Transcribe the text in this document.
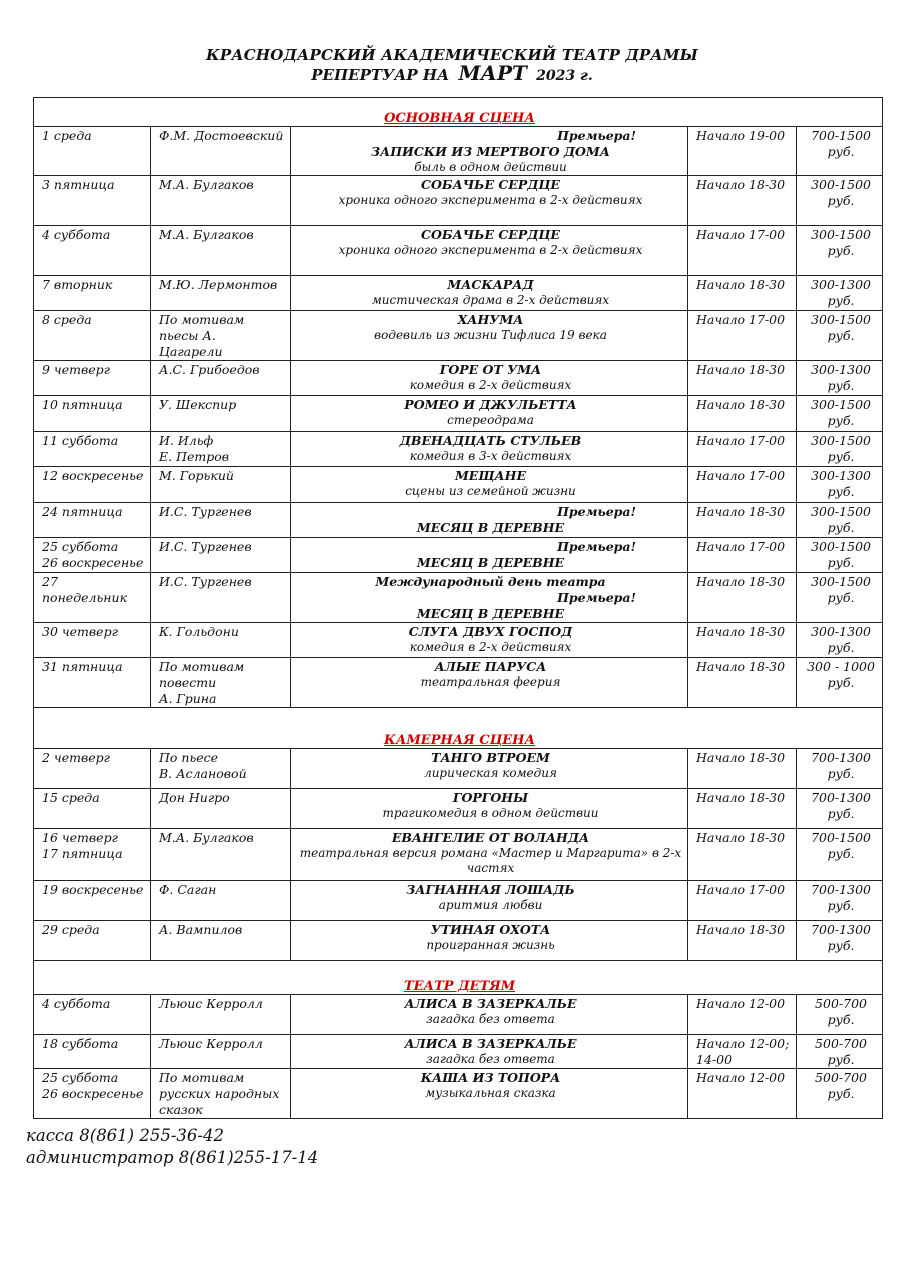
КРАСНОДАРСКИЙ АКАДЕМИЧЕСКИЙ ТЕАТР ДРАМЫ
РЕПЕРТУАР НА МАРТ 2023 г.
ОСНОВНАЯ СЦЕНА				

1 среда	Ф.М. Достоевский	Премьера!
ЗАПИСКИ ИЗ МЕРТВОГО ДОМА
быль в одном действии	Начало 19-00	700-1500 руб.

3 пятница	М.А. Булгаков	СОБАЧЬЕ СЕРДЦЕ
хроника одного эксперимента в 2-х действиях	Начало 18-30	300-1500 руб.

4 суббота	М.А. Булгаков	СОБАЧЬЕ СЕРДЦЕ
хроника одного эксперимента в 2-х действиях	Начало 17-00	300-1500 руб.

7 вторник	М.Ю. Лермонтов	МАСКАРАД
мистическая драма в 2-х действиях	Начало 18-30	300-1300 руб.

8 среда	По мотивам
пьесы А.
Цагарели	ХАНУМА
водевиль из жизни Тифлиса 19 века	Начало 17-00	300-1500 руб.

9 четверг	А.С. Грибоедов	ГОРЕ ОТ УМА
комедия в 2-х действиях	Начало 18-30	300-1300 руб.

10 пятница	У. Шекспир	РОМЕО И ДЖУЛЬЕТТА
стереодрама	Начало 18-30	300-1500 руб.

11 суббота	И. Ильф
Е. Петров	ДВЕНАДЦАТЬ СТУЛЬЕВ
комедия в 3-х действиях	Начало 17-00	300-1500 руб.

12 воскресенье	М. Горький	МЕЩАНЕ
сцены из семейной жизни	Начало 17-00	300-1300 руб.

24 пятница	И.С. Тургенев	Премьера!
МЕСЯЦ В ДЕРЕВНЕ	Начало 18-30	300-1500 руб.

25 суббота
26 воскресенье	И.С. Тургенев	Премьера!
МЕСЯЦ В ДЕРЕВНЕ	Начало 17-00	300-1500 руб.

27
понедельник	И.С. Тургенев	Международный день театра
Премьера!
МЕСЯЦ В ДЕРЕВНЕ	Начало 18-30	300-1500 руб.

30 четверг	К. Гольдони	СЛУГА ДВУХ ГОСПОД
комедия в 2-х действиях	Начало 18-30	300-1300 руб.

31 пятница	По мотивам
повести
А. Грина	АЛЫЕ ПАРУСА
театральная феерия	Начало 18-30	300 - 1000 руб.
КАМЕРНАЯ СЦЕНА				

2 четверг	По пьесе
В. Аслановой	ТАНГО ВТРОЕМ
лирическая комедия	Начало 18-30	700-1300 руб.

15 среда	Дон Нигро	ГОРГОНЫ
трагикомедия в одном действии	Начало 18-30	700-1300 руб.

16 четверг
17 пятница	М.А. Булгаков	ЕВАНГЕЛИЕ ОТ ВОЛАНДА
театральная версия романа «Мастер и Маргарита» в 2-х частях	Начало 18-30	700-1500 руб.

19 воскресенье	Ф. Саган	ЗАГНАННАЯ ЛОШАДЬ
аритмия любви	Начало 17-00	700-1300 руб.

29 среда	А. Вампилов	УТИНАЯ ОХОТА
проигранная жизнь	Начало 18-30	700-1300 руб.
ТЕАТР ДЕТЯМ				

4 суббота	Льюис Керролл	АЛИСА В ЗАЗЕРКАЛЬЕ
загадка без ответа	Начало 12-00	500-700 руб.

18 суббота	Льюис Керролл	АЛИСА В ЗАЗЕРКАЛЬЕ
загадка без ответа	Начало 12-00; 14-00	500-700 руб.

25 суббота
26 воскресенье	По мотивам
русских народных
сказок	КАША ИЗ ТОПОРА
музыкальная сказка	Начало 12-00	500-700 руб.
касса 8(861) 255-36-42
администратор 8(861)255-17-14
